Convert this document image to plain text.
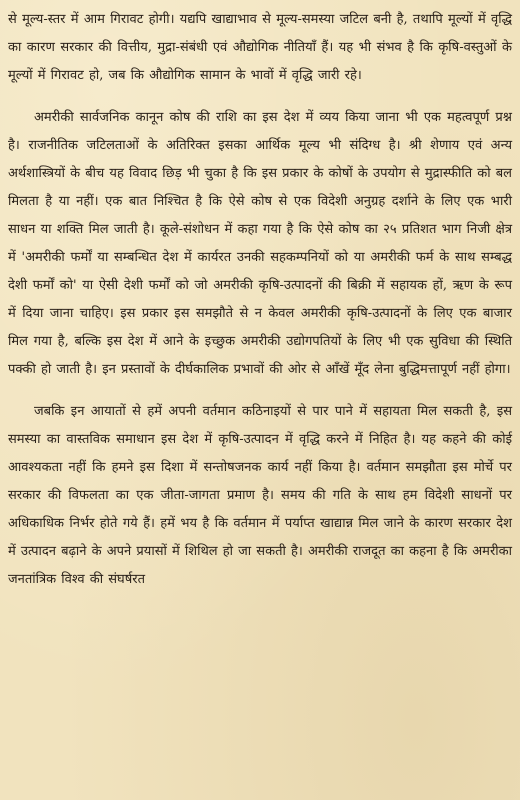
से मूल्य-स्तर में आम गिरावट होगी। यद्यपि खाद्याभाव से मूल्य-समस्या जटिल बनी है, तथापि मूल्यों में वृद्धि का कारण सरकार की वित्तीय, मुद्रा-संबंधी एवं औद्योगिक नीतियाँ हैं। यह भी संभव है कि कृषि-वस्तुओं के मूल्यों में गिरावट हो, जब कि औद्योगिक सामान के भावों में वृद्धि जारी रहे।

अमरीकी सार्वजनिक कानून कोष की राशि का इस देश में व्यय किया जाना भी एक महत्वपूर्ण प्रश्न है। राजनीतिक जटिलताओं के अतिरिक्त इसका आर्थिक मूल्य भी संदिग्ध है। श्री शेणाय एवं अन्य अर्थशास्त्रियों के बीच यह विवाद छिड़ भी चुका है कि इस प्रकार के कोषों के उपयोग से मुद्रास्फीति को बल मिलता है या नहीं। एक बात निश्चित है कि ऐसे कोष से एक विदेशी अनुग्रह दर्शाने के लिए एक भारी साधन या शक्ति मिल जाती है। कूले-संशोधन में कहा गया है कि ऐसे कोष का २५ प्रतिशत भाग निजी क्षेत्र में 'अमरीकी फर्मों या सम्बन्धित देश में कार्यरत उनकी सहकम्पनियों को या अमरीकी फर्म के साथ सम्बद्ध देशी फर्मों को' या ऐसी देशी फर्मों को जो अमरीकी कृषि-उत्पादनों की बिक्री में सहायक हों, ऋण के रूप में दिया जाना चाहिए। इस प्रकार इस समझौते से न केवल अमरीकी कृषि-उत्पादनों के लिए एक बाजार मिल गया है, बल्कि इस देश में आने के इच्छुक अमरीकी उद्योगपतियों के लिए भी एक सुविधा की स्थिति पक्की हो जाती है। इन प्रस्तावों के दीर्घकालिक प्रभावों की ओर से आँखें मूँद लेना बुद्धिमत्तापूर्ण नहीं होगा।

जबकि इन आयातों से हमें अपनी वर्तमान कठिनाइयों से पार पाने में सहायता मिल सकती है, इस समस्या का वास्तविक समाधान इस देश में कृषि-उत्पादन में वृद्धि करने में निहित है। यह कहने की कोई आवश्यकता नहीं कि हमने इस दिशा में सन्तोषजनक कार्य नहीं किया है। वर्तमान समझौता इस मोर्चे पर सरकार की विफलता का एक जीता-जागता प्रमाण है। समय की गति के साथ हम विदेशी साधनों पर अधिकाधिक निर्भर होते गये हैं। हमें भय है कि वर्तमान में पर्याप्त खाद्यान्न मिल जाने के कारण सरकार देश में उत्पादन बढ़ाने के अपने प्रयासों में शिथिल हो जा सकती है। अमरीकी राजदूत का कहना है कि अमरीका जनतांत्रिक विश्व की संघर्षरत
